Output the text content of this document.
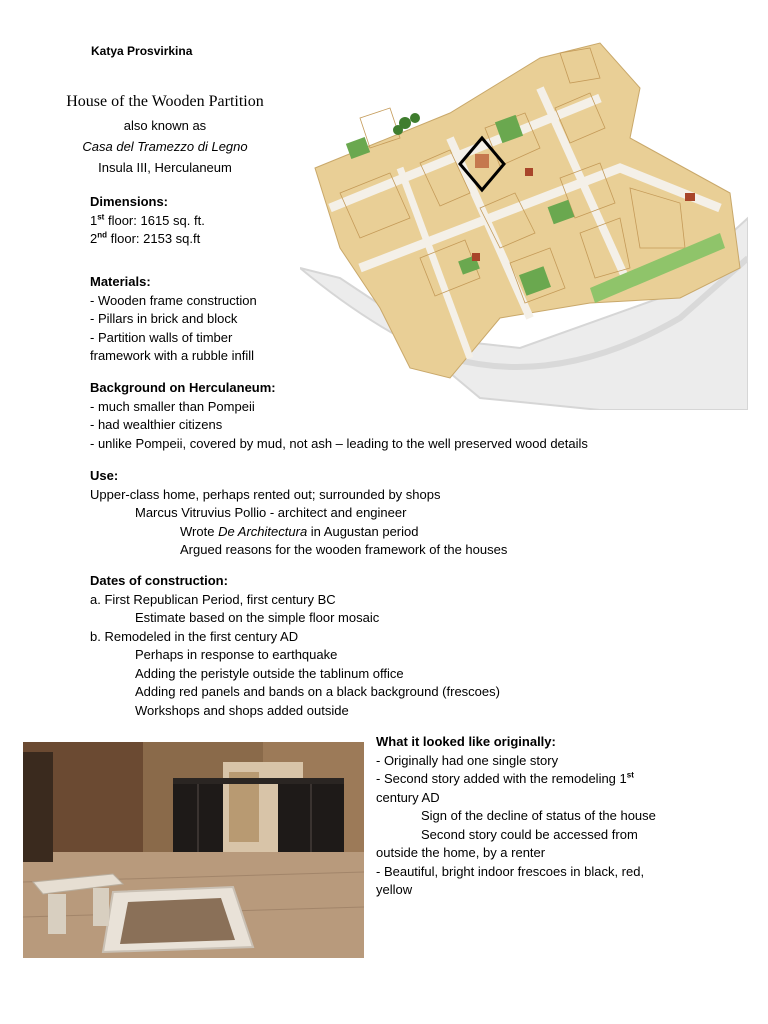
Katya Prosvirkina
House of the Wooden Partition
also known as
Casa del Tramezzo di Legno
Insula III, Herculaneum
Dimensions:
1st floor: 1615 sq. ft.
2nd floor: 2153 sq.ft
Materials:
- Wooden frame construction
- Pillars in brick and block
- Partition walls of timber
framework with a rubble infill
Background on Herculaneum:
- much smaller than Pompeii
- had wealthier citizens
- unlike Pompeii, covered by mud, not ash – leading to the well preserved wood details
Use:
Upper-class home, perhaps rented out; surrounded by shops
Marcus Vitruvius Pollio - architect and engineer
Wrote De Architectura in Augustan period
Argued reasons for the wooden framework of the houses
Dates of construction:
a. First Republican Period, first century BC
Estimate based on the simple floor mosaic
b. Remodeled in the first century AD
Perhaps in response to earthquake
Adding the peristyle outside the tablinum office
Adding red panels and bands on a black background (frescoes)
Workshops and shops added outside
What it looked like originally:
- Originally had one single story
- Second story added with the remodeling 1st
century AD
Sign of the decline of status of the house
Second story could be accessed from
outside the home, by a renter
- Beautiful, bright indoor frescoes in black, red,
yellow
